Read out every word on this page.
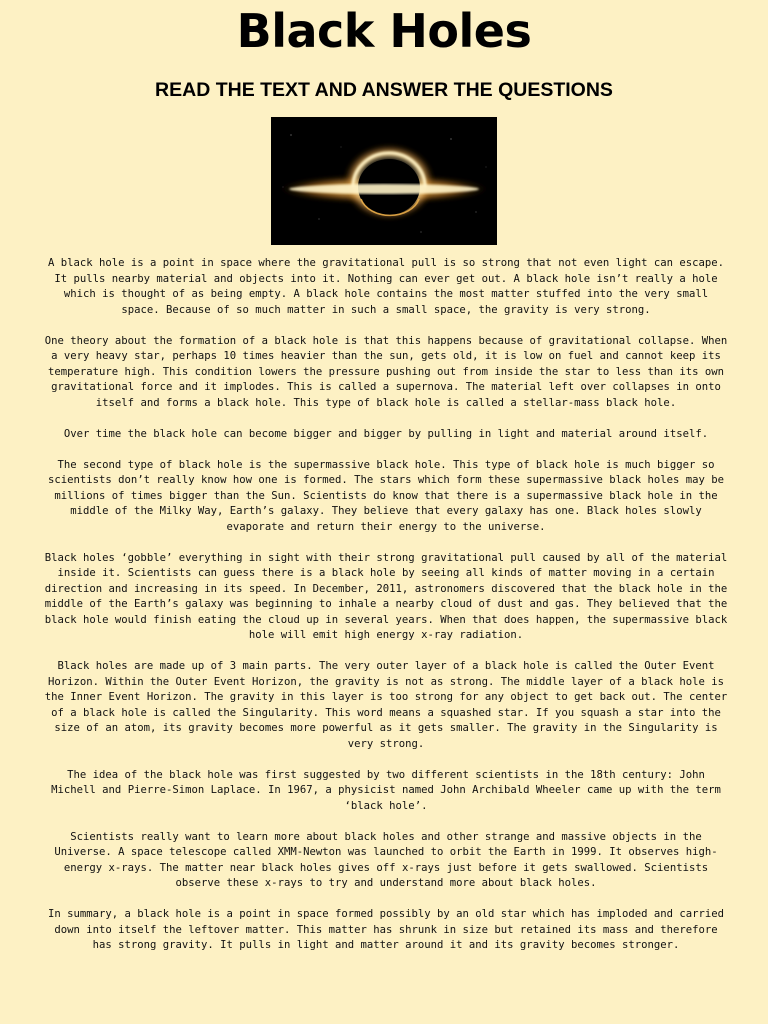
Black Holes
READ THE TEXT AND ANSWER THE QUESTIONS

A black hole is a point in space where the gravitational pull is so strong that not even light can escape. It pulls nearby material and objects into it. Nothing can ever get out. A black hole isn’t really a hole which is thought of as being empty. A black hole contains the most matter stuffed into the very small space. Because of so much matter in such a small space, the gravity is very strong.

One theory about the formation of a black hole is that this happens because of gravitational collapse. When a very heavy star, perhaps 10 times heavier than the sun, gets old, it is low on fuel and cannot keep its temperature high. This condition lowers the pressure pushing out from inside the star to less than its own gravitational force and it implodes. This is called a supernova. The material left over collapses in onto itself and forms a black hole. This type of black hole is called a stellar-mass black hole.

Over time the black hole can become bigger and bigger by pulling in light and material around itself.

The second type of black hole is the supermassive black hole. This type of black hole is much bigger so scientists don’t really know how one is formed. The stars which form these supermassive black holes may be millions of times bigger than the Sun. Scientists do know that there is a supermassive black hole in the middle of the Milky Way, Earth’s galaxy. They believe that every galaxy has one. Black holes slowly evaporate and return their energy to the universe.

Black holes ‘gobble’ everything in sight with their strong gravitational pull caused by all of the material inside it. Scientists can guess there is a black hole by seeing all kinds of matter moving in a certain direction and increasing in its speed. In December, 2011, astronomers discovered that the black hole in the middle of the Earth’s galaxy was beginning to inhale a nearby cloud of dust and gas. They believed that the black hole would finish eating the cloud up in several years. When that does happen, the supermassive black hole will emit high energy x-ray radiation.

Black holes are made up of 3 main parts. The very outer layer of a black hole is called the Outer Event Horizon. Within the Outer Event Horizon, the gravity is not as strong. The middle layer of a black hole is the Inner Event Horizon. The gravity in this layer is too strong for any object to get back out. The center of a black hole is called the Singularity. This word means a squashed star. If you squash a star into the size of an atom, its gravity becomes more powerful as it gets smaller. The gravity in the Singularity is very strong.

The idea of the black hole was first suggested by two different scientists in the 18th century: John Michell and Pierre-Simon Laplace. In 1967, a physicist named John Archibald Wheeler came up with the term ‘black hole’.

Scientists really want to learn more about black holes and other strange and massive objects in the Universe. A space telescope called XMM-Newton was launched to orbit the Earth in 1999. It observes high-energy x-rays. The matter near black holes gives off x-rays just before it gets swallowed. Scientists observe these x-rays to try and understand more about black holes.

In summary, a black hole is a point in space formed possibly by an old star which has imploded and carried down into itself the leftover matter. This matter has shrunk in size but retained its mass and therefore has strong gravity. It pulls in light and matter around it and its gravity becomes stronger.
